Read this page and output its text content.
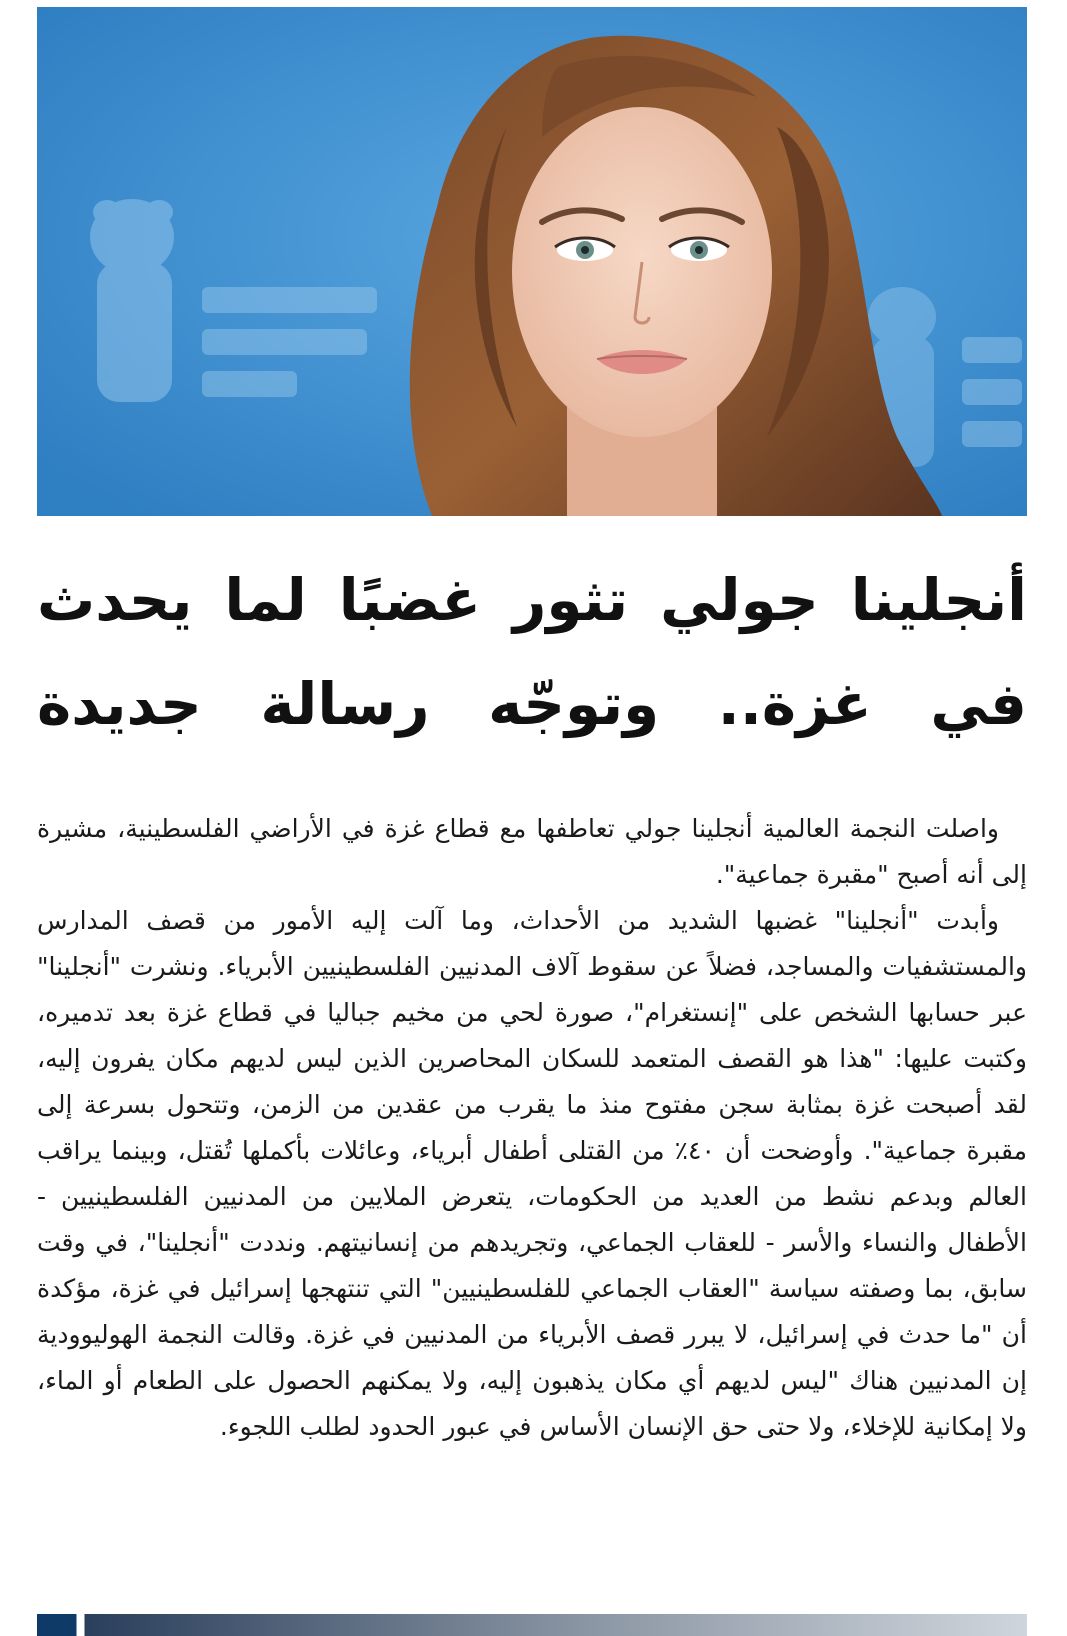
أنجلينا جولي تثور غضبًا لما يحدث
في غزة.. وتوجّه رسالة جديدة

واصلت النجمة العالمية أنجلينا جولي تعاطفها مع قطاع غزة في الأراضي الفلسطينية، مشيرة إلى أنه أصبح "مقبرة جماعية".

وأبدت "أنجلينا" غضبها الشديد من الأحداث، وما آلت إليه الأمور من قصف المدارس والمستشفيات والمساجد، فضلاً عن سقوط آلاف المدنيين الفلسطينيين الأبرياء. ونشرت "أنجلينا" عبر حسابها الشخص على "إنستغرام"، صورة لحي من مخيم جباليا في قطاع غزة بعد تدميره، وكتبت عليها: "هذا هو القصف المتعمد للسكان المحاصرين الذين ليس لديهم مكان يفرون إليه، لقد أصبحت غزة بمثابة سجن مفتوح منذ ما يقرب من عقدين من الزمن، وتتحول بسرعة إلى مقبرة جماعية". وأوضحت أن ٤٠٪ من القتلى أطفال أبرياء، وعائلات بأكملها تُقتل، وبينما يراقب العالم وبدعم نشط من العديد من الحكومات، يتعرض الملايين من المدنيين الفلسطينيين - الأطفال والنساء والأسر - للعقاب الجماعي، وتجريدهم من إنسانيتهم. ونددت "أنجلينا"، في وقت سابق، بما وصفته سياسة "العقاب الجماعي للفلسطينيين" التي تنتهجها إسرائيل في غزة، مؤكدة أن "ما حدث في إسرائيل، لا يبرر قصف الأبرياء من المدنيين في غزة. وقالت النجمة الهوليوودية إن المدنيين هناك "ليس لديهم أي مكان يذهبون إليه، ولا يمكنهم الحصول على الطعام أو الماء، ولا إمكانية للإخلاء، ولا حتى حق الإنسان الأساس في عبور الحدود لطلب اللجوء.
